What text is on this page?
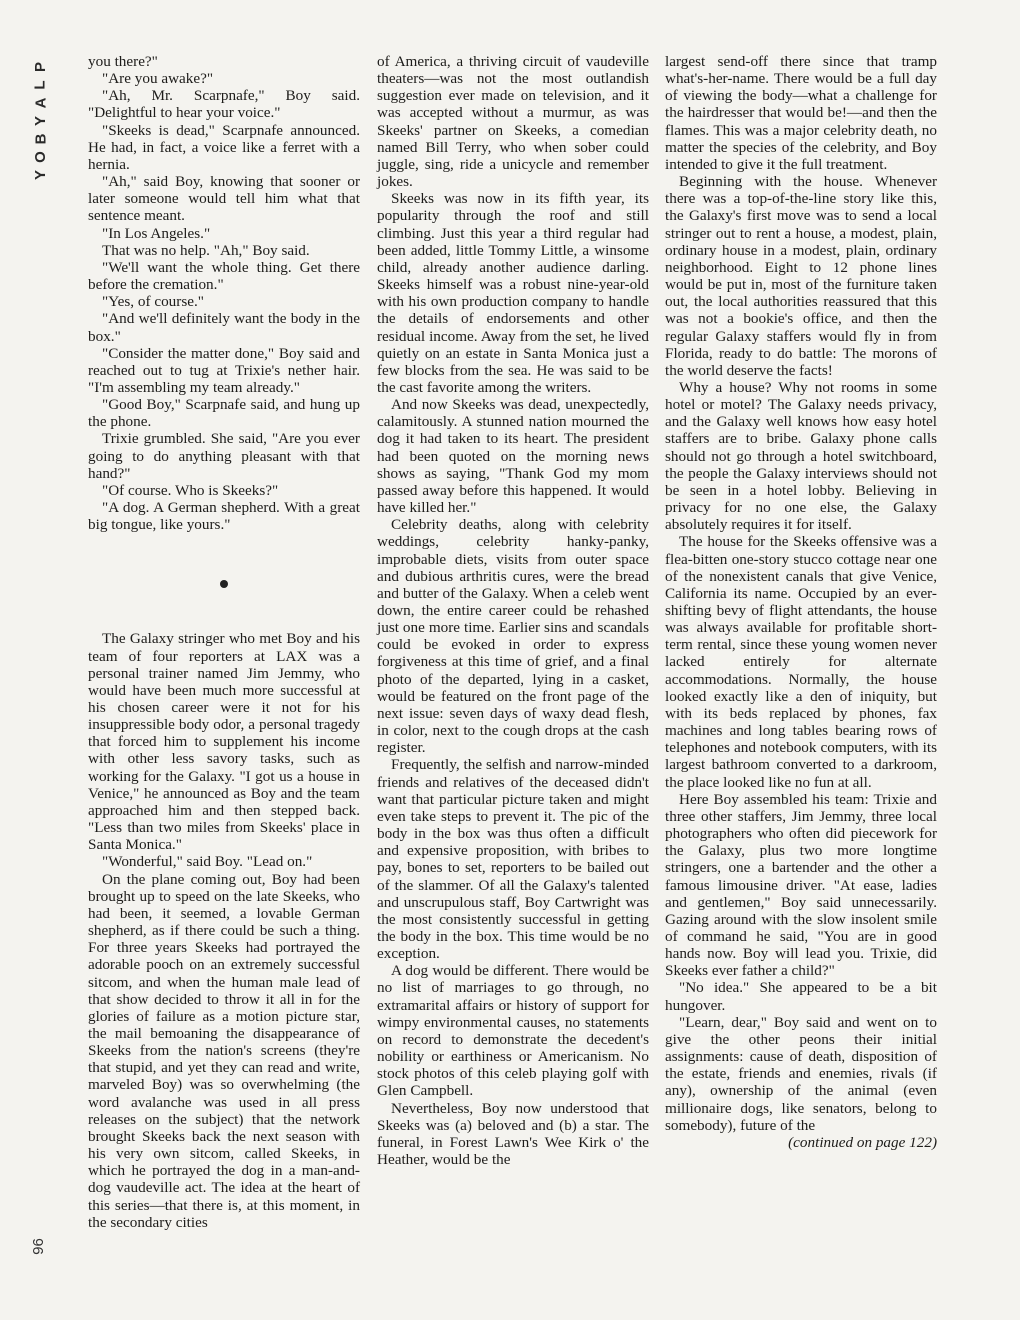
P
L
A
Y
B
O
Y
96

you there?"

"Are you awake?"

"Ah, Mr. Scarpnafe," Boy said. "Delightful to hear your voice."

"Skeeks is dead," Scarpnafe announced. He had, in fact, a voice like a ferret with a hernia.

"Ah," said Boy, knowing that sooner or later someone would tell him what that sentence meant.

"In Los Angeles."

That was no help. "Ah," Boy said.

"We'll want the whole thing. Get there before the cremation."

"Yes, of course."

"And we'll definitely want the body in the box."

"Consider the matter done," Boy said and reached out to tug at Trixie's nether hair. "I'm assembling my team already."

"Good Boy," Scarpnafe said, and hung up the phone.

Trixie grumbled. She said, "Are you ever going to do anything pleasant with that hand?"

"Of course. Who is Skeeks?"

"A dog. A German shepherd. With a great big tongue, like yours."

The Galaxy stringer who met Boy and his team of four reporters at LAX was a personal trainer named Jim Jemmy, who would have been much more successful at his chosen career were it not for his insuppressible body odor, a personal tragedy that forced him to supplement his income with other less savory tasks, such as working for the Galaxy. "I got us a house in Venice," he announced as Boy and the team approached him and then stepped back. "Less than two miles from Skeeks' place in Santa Monica."

"Wonderful," said Boy. "Lead on."

On the plane coming out, Boy had been brought up to speed on the late Skeeks, who had been, it seemed, a lovable German shepherd, as if there could be such a thing. For three years Skeeks had portrayed the adorable pooch on an extremely successful sitcom, and when the human male lead of that show decided to throw it all in for the glories of failure as a motion picture star, the mail bemoaning the disappearance of Skeeks from the nation's screens (they're that stupid, and yet they can read and write, marveled Boy) was so overwhelming (the word avalanche was used in all press releases on the subject) that the network brought Skeeks back the next season with his very own sitcom, called Skeeks, in which he portrayed the dog in a man-and-dog vaudeville act. The idea at the heart of this series—that there is, at this moment, in the secondary cities

of America, a thriving circuit of vaudeville theaters—was not the most outlandish suggestion ever made on television, and it was accepted without a murmur, as was Skeeks' partner on Skeeks, a comedian named Bill Terry, who when sober could juggle, sing, ride a unicycle and remember jokes.

Skeeks was now in its fifth year, its popularity through the roof and still climbing. Just this year a third regular had been added, little Tommy Little, a winsome child, already another audience darling. Skeeks himself was a robust nine-year-old with his own production company to handle the details of endorsements and other residual income. Away from the set, he lived quietly on an estate in Santa Monica just a few blocks from the sea. He was said to be the cast favorite among the writers.

And now Skeeks was dead, unexpectedly, calamitously. A stunned nation mourned the dog it had taken to its heart. The president had been quoted on the morning news shows as saying, "Thank God my mom passed away before this happened. It would have killed her."

Celebrity deaths, along with celebrity weddings, celebrity hanky-panky, improbable diets, visits from outer space and dubious arthritis cures, were the bread and butter of the Galaxy. When a celeb went down, the entire career could be rehashed just one more time. Earlier sins and scandals could be evoked in order to express forgiveness at this time of grief, and a final photo of the departed, lying in a casket, would be featured on the front page of the next issue: seven days of waxy dead flesh, in color, next to the cough drops at the cash register.

Frequently, the selfish and narrow-minded friends and relatives of the deceased didn't want that particular picture taken and might even take steps to prevent it. The pic of the body in the box was thus often a difficult and expensive proposition, with bribes to pay, bones to set, reporters to be bailed out of the slammer. Of all the Galaxy's talented and unscrupulous staff, Boy Cartwright was the most consistently successful in getting the body in the box. This time would be no exception.

A dog would be different. There would be no list of marriages to go through, no extramarital affairs or history of support for wimpy environmental causes, no statements on record to demonstrate the decedent's nobility or earthiness or Americanism. No stock photos of this celeb playing golf with Glen Campbell.

Nevertheless, Boy now understood that Skeeks was (a) beloved and (b) a star. The funeral, in Forest Lawn's Wee Kirk o' the Heather, would be the

largest send-off there since that tramp what's-her-name. There would be a full day of viewing the body—what a challenge for the hairdresser that would be!—and then the flames. This was a major celebrity death, no matter the species of the celebrity, and Boy intended to give it the full treatment.

Beginning with the house. Whenever there was a top-of-the-line story like this, the Galaxy's first move was to send a local stringer out to rent a house, a modest, plain, ordinary house in a modest, plain, ordinary neighborhood. Eight to 12 phone lines would be put in, most of the furniture taken out, the local authorities reassured that this was not a bookie's office, and then the regular Galaxy staffers would fly in from Florida, ready to do battle: The morons of the world deserve the facts!

Why a house? Why not rooms in some hotel or motel? The Galaxy needs privacy, and the Galaxy well knows how easy hotel staffers are to bribe. Galaxy phone calls should not go through a hotel switchboard, the people the Galaxy interviews should not be seen in a hotel lobby. Believing in privacy for no one else, the Galaxy absolutely requires it for itself.

The house for the Skeeks offensive was a flea-bitten one-story stucco cottage near one of the nonexistent canals that give Venice, California its name. Occupied by an ever-shifting bevy of flight attendants, the house was always available for profitable short-term rental, since these young women never lacked entirely for alternate accommodations. Normally, the house looked exactly like a den of iniquity, but with its beds replaced by phones, fax machines and long tables bearing rows of telephones and notebook computers, with its largest bathroom converted to a darkroom, the place looked like no fun at all.

Here Boy assembled his team: Trixie and three other staffers, Jim Jemmy, three local photographers who often did piecework for the Galaxy, plus two more longtime stringers, one a bartender and the other a famous limousine driver. "At ease, ladies and gentlemen," Boy said unnecessarily. Gazing around with the slow insolent smile of command he said, "You are in good hands now. Boy will lead you. Trixie, did Skeeks ever father a child?"

"No idea." She appeared to be a bit hungover.

"Learn, dear," Boy said and went on to give the other peons their initial assignments: cause of death, disposition of the estate, friends and enemies, rivals (if any), ownership of the animal (even millionaire dogs, like senators, belong to somebody), future of the

(continued on page 122)
